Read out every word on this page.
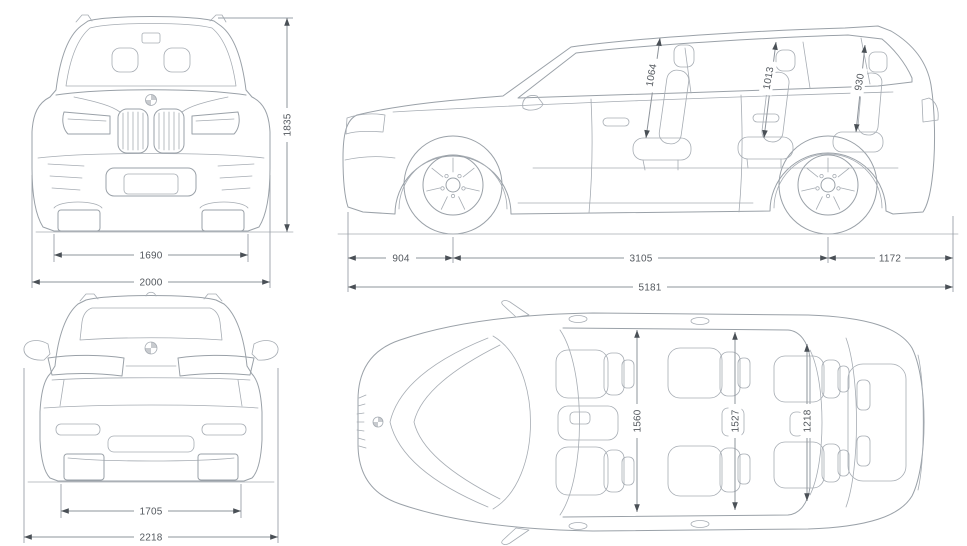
1690
2000
1835
1064	1013	930
904	3105	1172
5181
1705
2218
1560	1527	1218
